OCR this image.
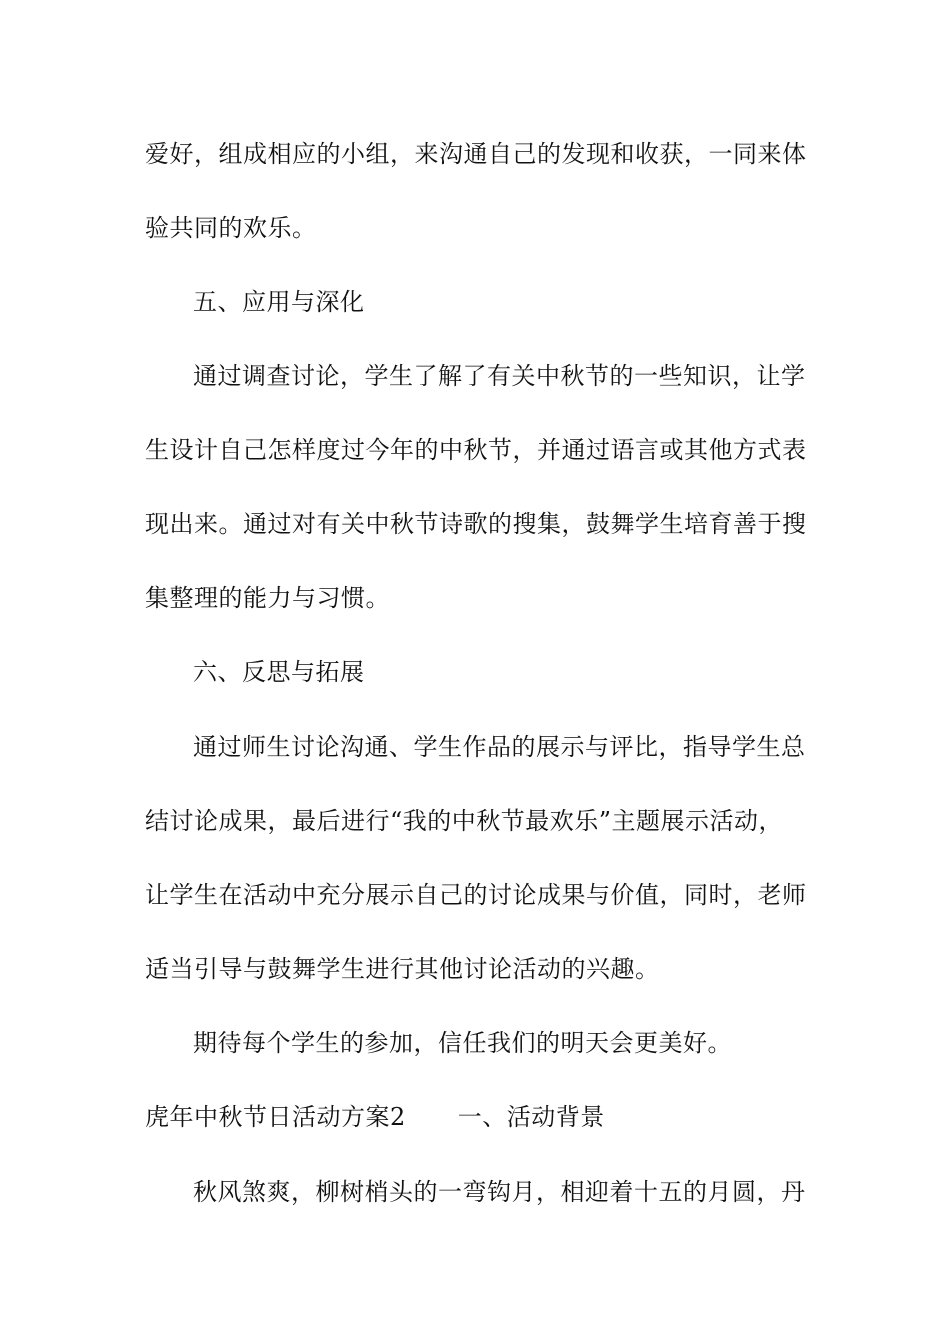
爱好，组成相应的小组，来沟通自己的发现和收获，一同来体
验共同的欢乐。
五、应用与深化
通过调查讨论，学生了解了有关中秋节的一些知识，让学
生设计自己怎样度过今年的中秋节，并通过语言或其他方式表
现出来。通过对有关中秋节诗歌的搜集，鼓舞学生培育善于搜
集整理的能力与习惯。
六、反思与拓展
通过师生讨论沟通、学生作品的展示与评比，指导学生总
结讨论成果，最后进行“我的中秋节最欢乐”主题展示活动，
让学生在活动中充分展示自己的讨论成果与价值，同时，老师
适当引导与鼓舞学生进行其他讨论活动的兴趣。
期待每个学生的参加，信任我们的明天会更美好。
虎年中秋节日活动方案2 一、活动背景
秋风煞爽，柳树梢头的一弯钩月，相迎着十五的月圆，丹
